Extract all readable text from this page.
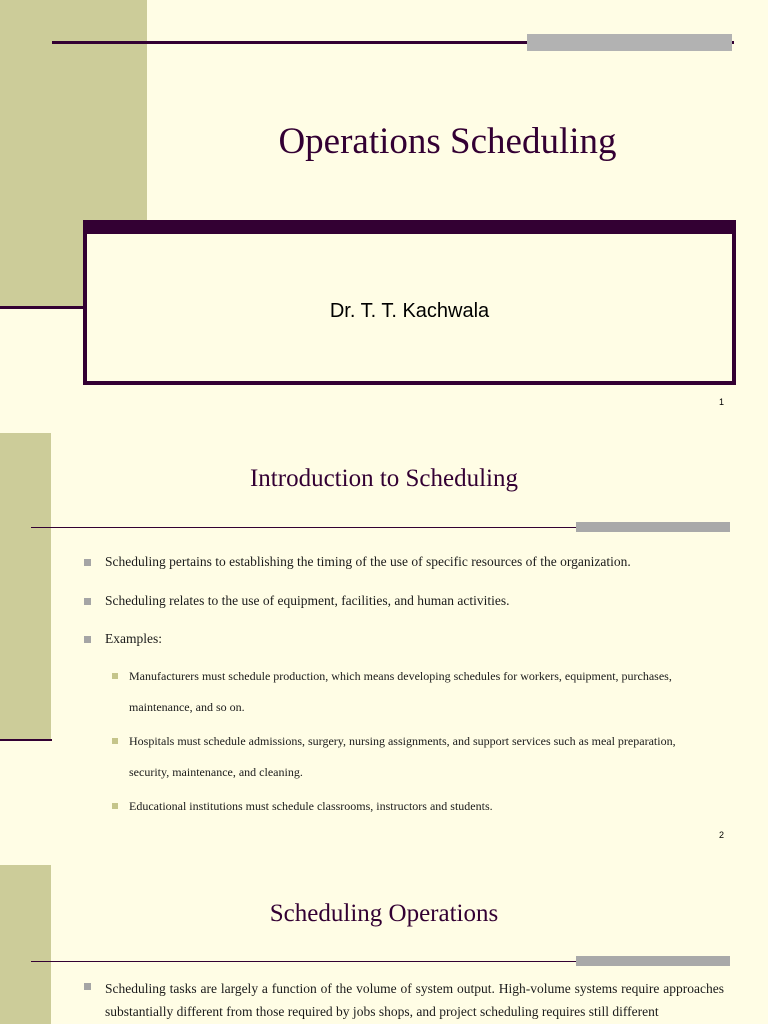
Operations Scheduling
Dr. T. T. Kachwala
1
Introduction to Scheduling
Scheduling pertains to establishing the timing of the use of specific resources of the organization.
Scheduling relates to the use of equipment, facilities, and human activities.
Examples:
Manufacturers must schedule production, which means developing schedules for workers, equipment, purchases, maintenance, and so on.
Hospitals must schedule admissions, surgery, nursing assignments, and support services such as meal preparation, security, maintenance, and cleaning.
Educational institutions must schedule classrooms, instructors and students.
2
Scheduling Operations
Scheduling tasks are largely a function of the volume of system output. High-volume systems require approaches substantially different from those required by jobs shops, and project scheduling requires still different
